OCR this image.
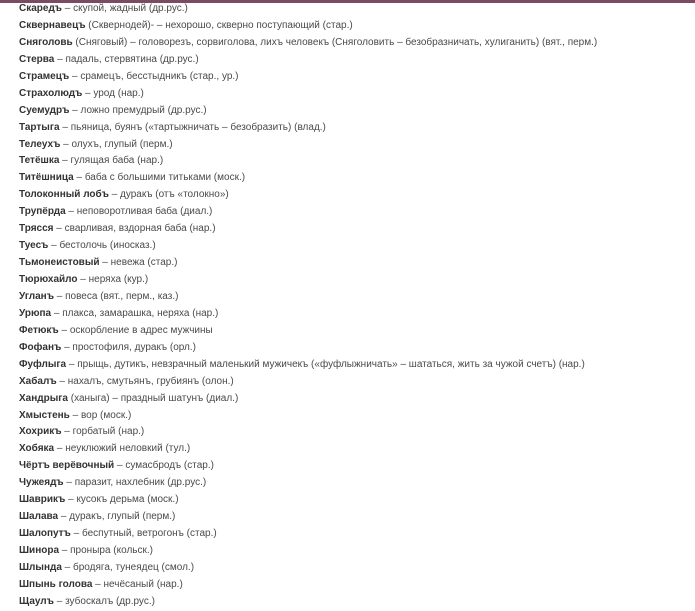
Скаредъ – скупой, жадный (др.рус.)
Сквернавецъ (Сквернодей)- – нехорошо, скверно поступающий (стар.)
Сняголовь (Сняговый) – головорезъ, сорвиголова, лихъ человекъ (Сняголовить – безобразничать, хулиганить) (вят., перм.)
Стерва – падаль, стервятина (др.рус.)
Страмецъ – срамецъ, бесстыдникъ (стар., ур.)
Страхолюдъ – урод (нар.)
Суемудръ – ложно премудрый (др.рус.)
Тартыга – пьяница, буянъ («тартыжничать – безобразить) (влад.)
Телеухъ – олухъ, глупый (перм.)
Тетёшка – гулящая баба (нар.)
Титёшница – баба с большими титьками (моск.)
Толоконный лобъ – дуракъ (отъ «толокно»)
Трупёрда – неповоротливая баба (диал.)
Трясся – сварливая, вздорная баба (нар.)
Туесъ – бестолочь (иносказ.)
Тьмонеистовый – невежа (стар.)
Тюрюхайло – неряха (кур.)
Угланъ – повеса (вят., перм., каз.)
Урюпа – плакса, замарашка, неряха (нар.)
Фетюкъ – оскорбление в адрес мужчины
Фофанъ – простофиля, дуракъ (орл.)
Фуфлыга – прыщь, дутикъ, невзрачный маленький мужичекъ («фуфлыжничать» – шататься, жить за чужой счетъ) (нар.)
Хабалъ – нахалъ, смутьянъ, грубиянъ (олон.)
Хандрыга (ханыга) – праздный шатунъ (диал.)
Хмыстень – вор (моск.)
Хохрикъ – горбатый (нар.)
Хобяка – неуклюжий неловкий (тул.)
Чёртъ верёвочный – сумасбродъ (стар.)
Чужеядъ – паразит, нахлебник (др.рус.)
Шаврикъ – кусокъ дерьма (моск.)
Шалава – дуракъ, глупый (перм.)
Шалопутъ – беспутный, ветрогонъ (стар.)
Шинора – проныра (кольск.)
Шлында – бродяга, тунеядец (смол.)
Шпынь голова – нечёсаный (нар.)
Щаулъ – зубоскалъ (др.рус.)
